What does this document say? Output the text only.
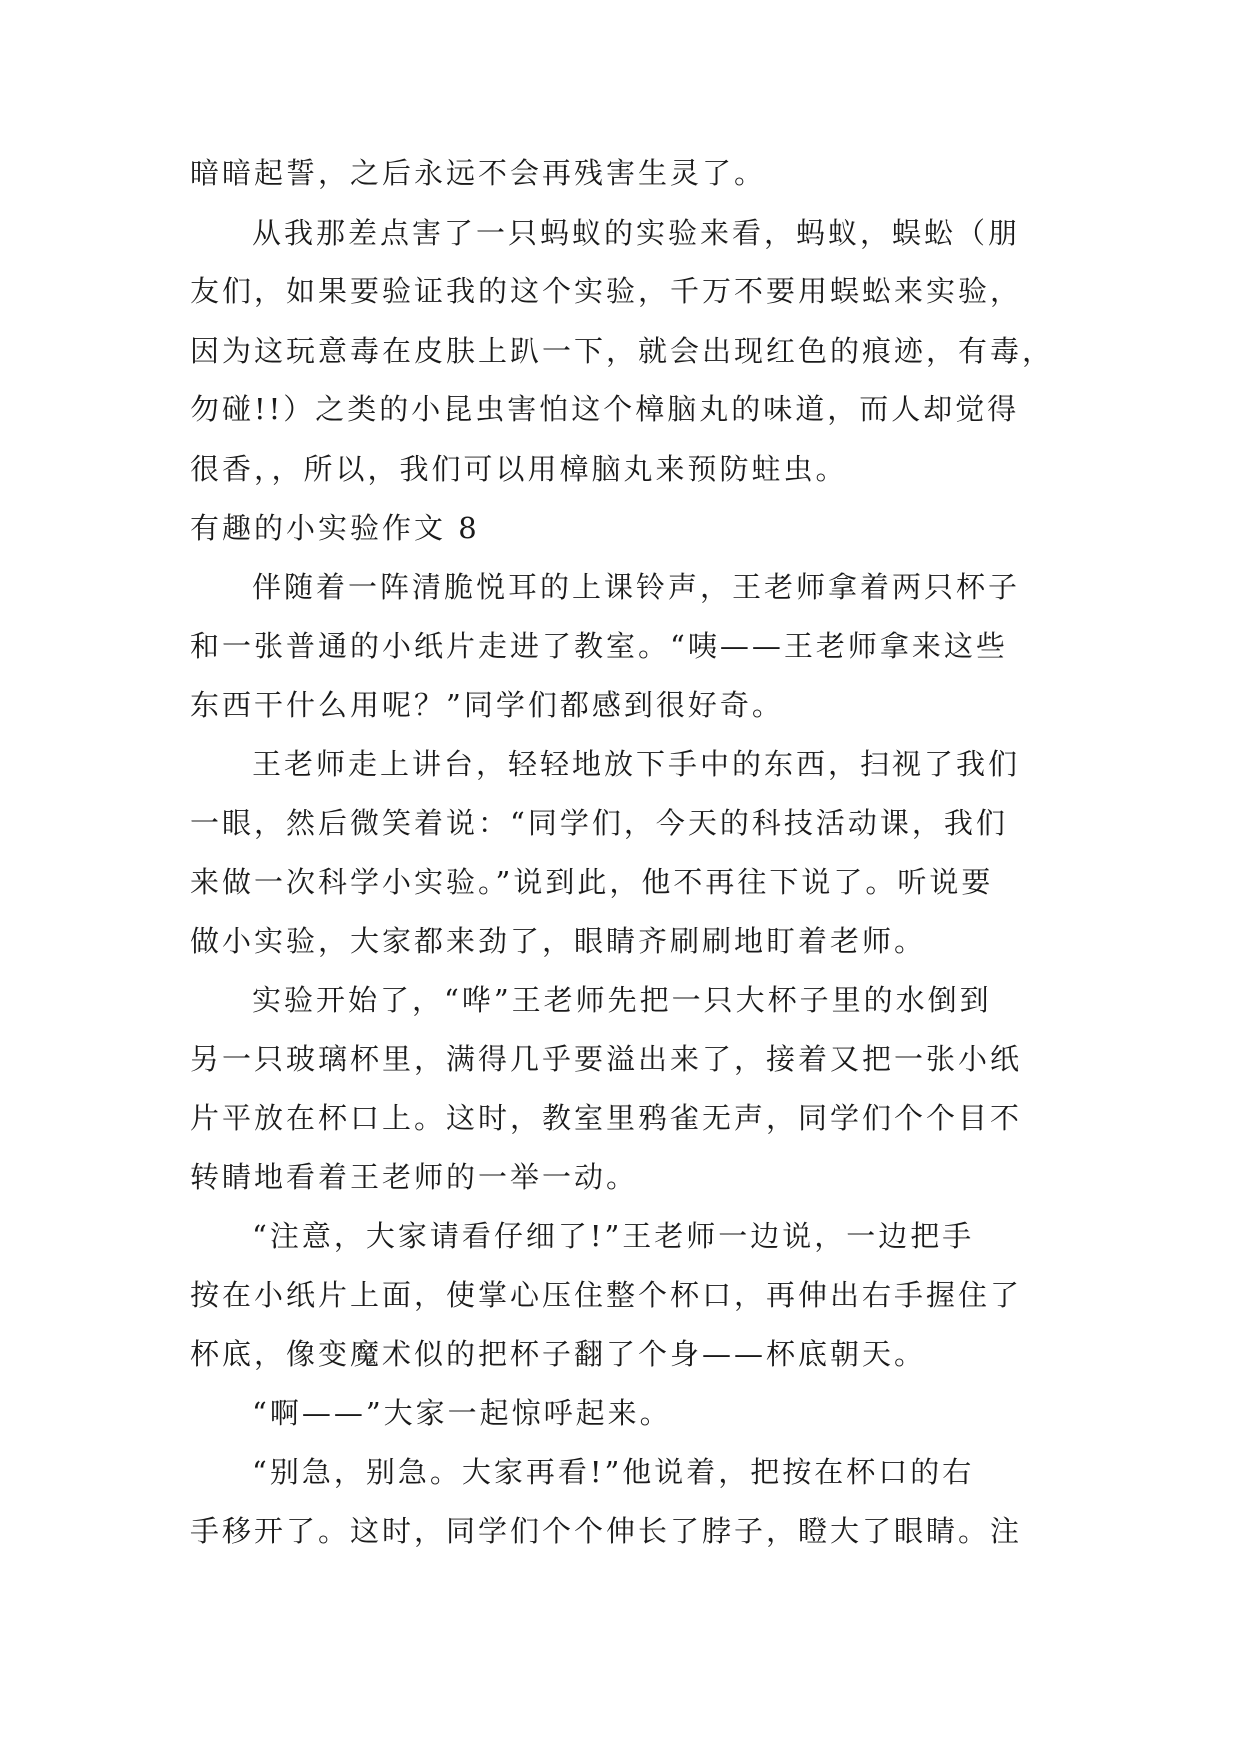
暗暗起誓，之后永远不会再残害生灵了。
从我那差点害了一只蚂蚁的实验来看，蚂蚁，蜈蚣（朋
友们，如果要验证我的这个实验，千万不要用蜈蚣来实验，
因为这玩意毒在皮肤上趴一下，就会出现红色的痕迹，有毒，
勿碰!!）之类的小昆虫害怕这个樟脑丸的味道，而人却觉得
很香，，所以，我们可以用樟脑丸来预防蛀虫。
有趣的小实验作文 8
伴随着一阵清脆悦耳的上课铃声，王老师拿着两只杯子
和一张普通的小纸片走进了教室。“咦——王老师拿来这些
东西干什么用呢？”同学们都感到很好奇。
王老师走上讲台，轻轻地放下手中的东西，扫视了我们
一眼，然后微笑着说：“同学们，今天的科技活动课，我们
来做一次科学小实验。”说到此，他不再往下说了。听说要
做小实验，大家都来劲了，眼睛齐刷刷地盯着老师。
实验开始了，“哗”王老师先把一只大杯子里的水倒到
另一只玻璃杯里，满得几乎要溢出来了，接着又把一张小纸
片平放在杯口上。这时，教室里鸦雀无声，同学们个个目不
转睛地看着王老师的一举一动。
“注意，大家请看仔细了!”王老师一边说，一边把手
按在小纸片上面，使掌心压住整个杯口，再伸出右手握住了
杯底，像变魔术似的把杯子翻了个身——杯底朝天。
“啊——”大家一起惊呼起来。
“别急，别急。大家再看!”他说着，把按在杯口的右
手移开了。这时，同学们个个伸长了脖子，瞪大了眼睛。注
